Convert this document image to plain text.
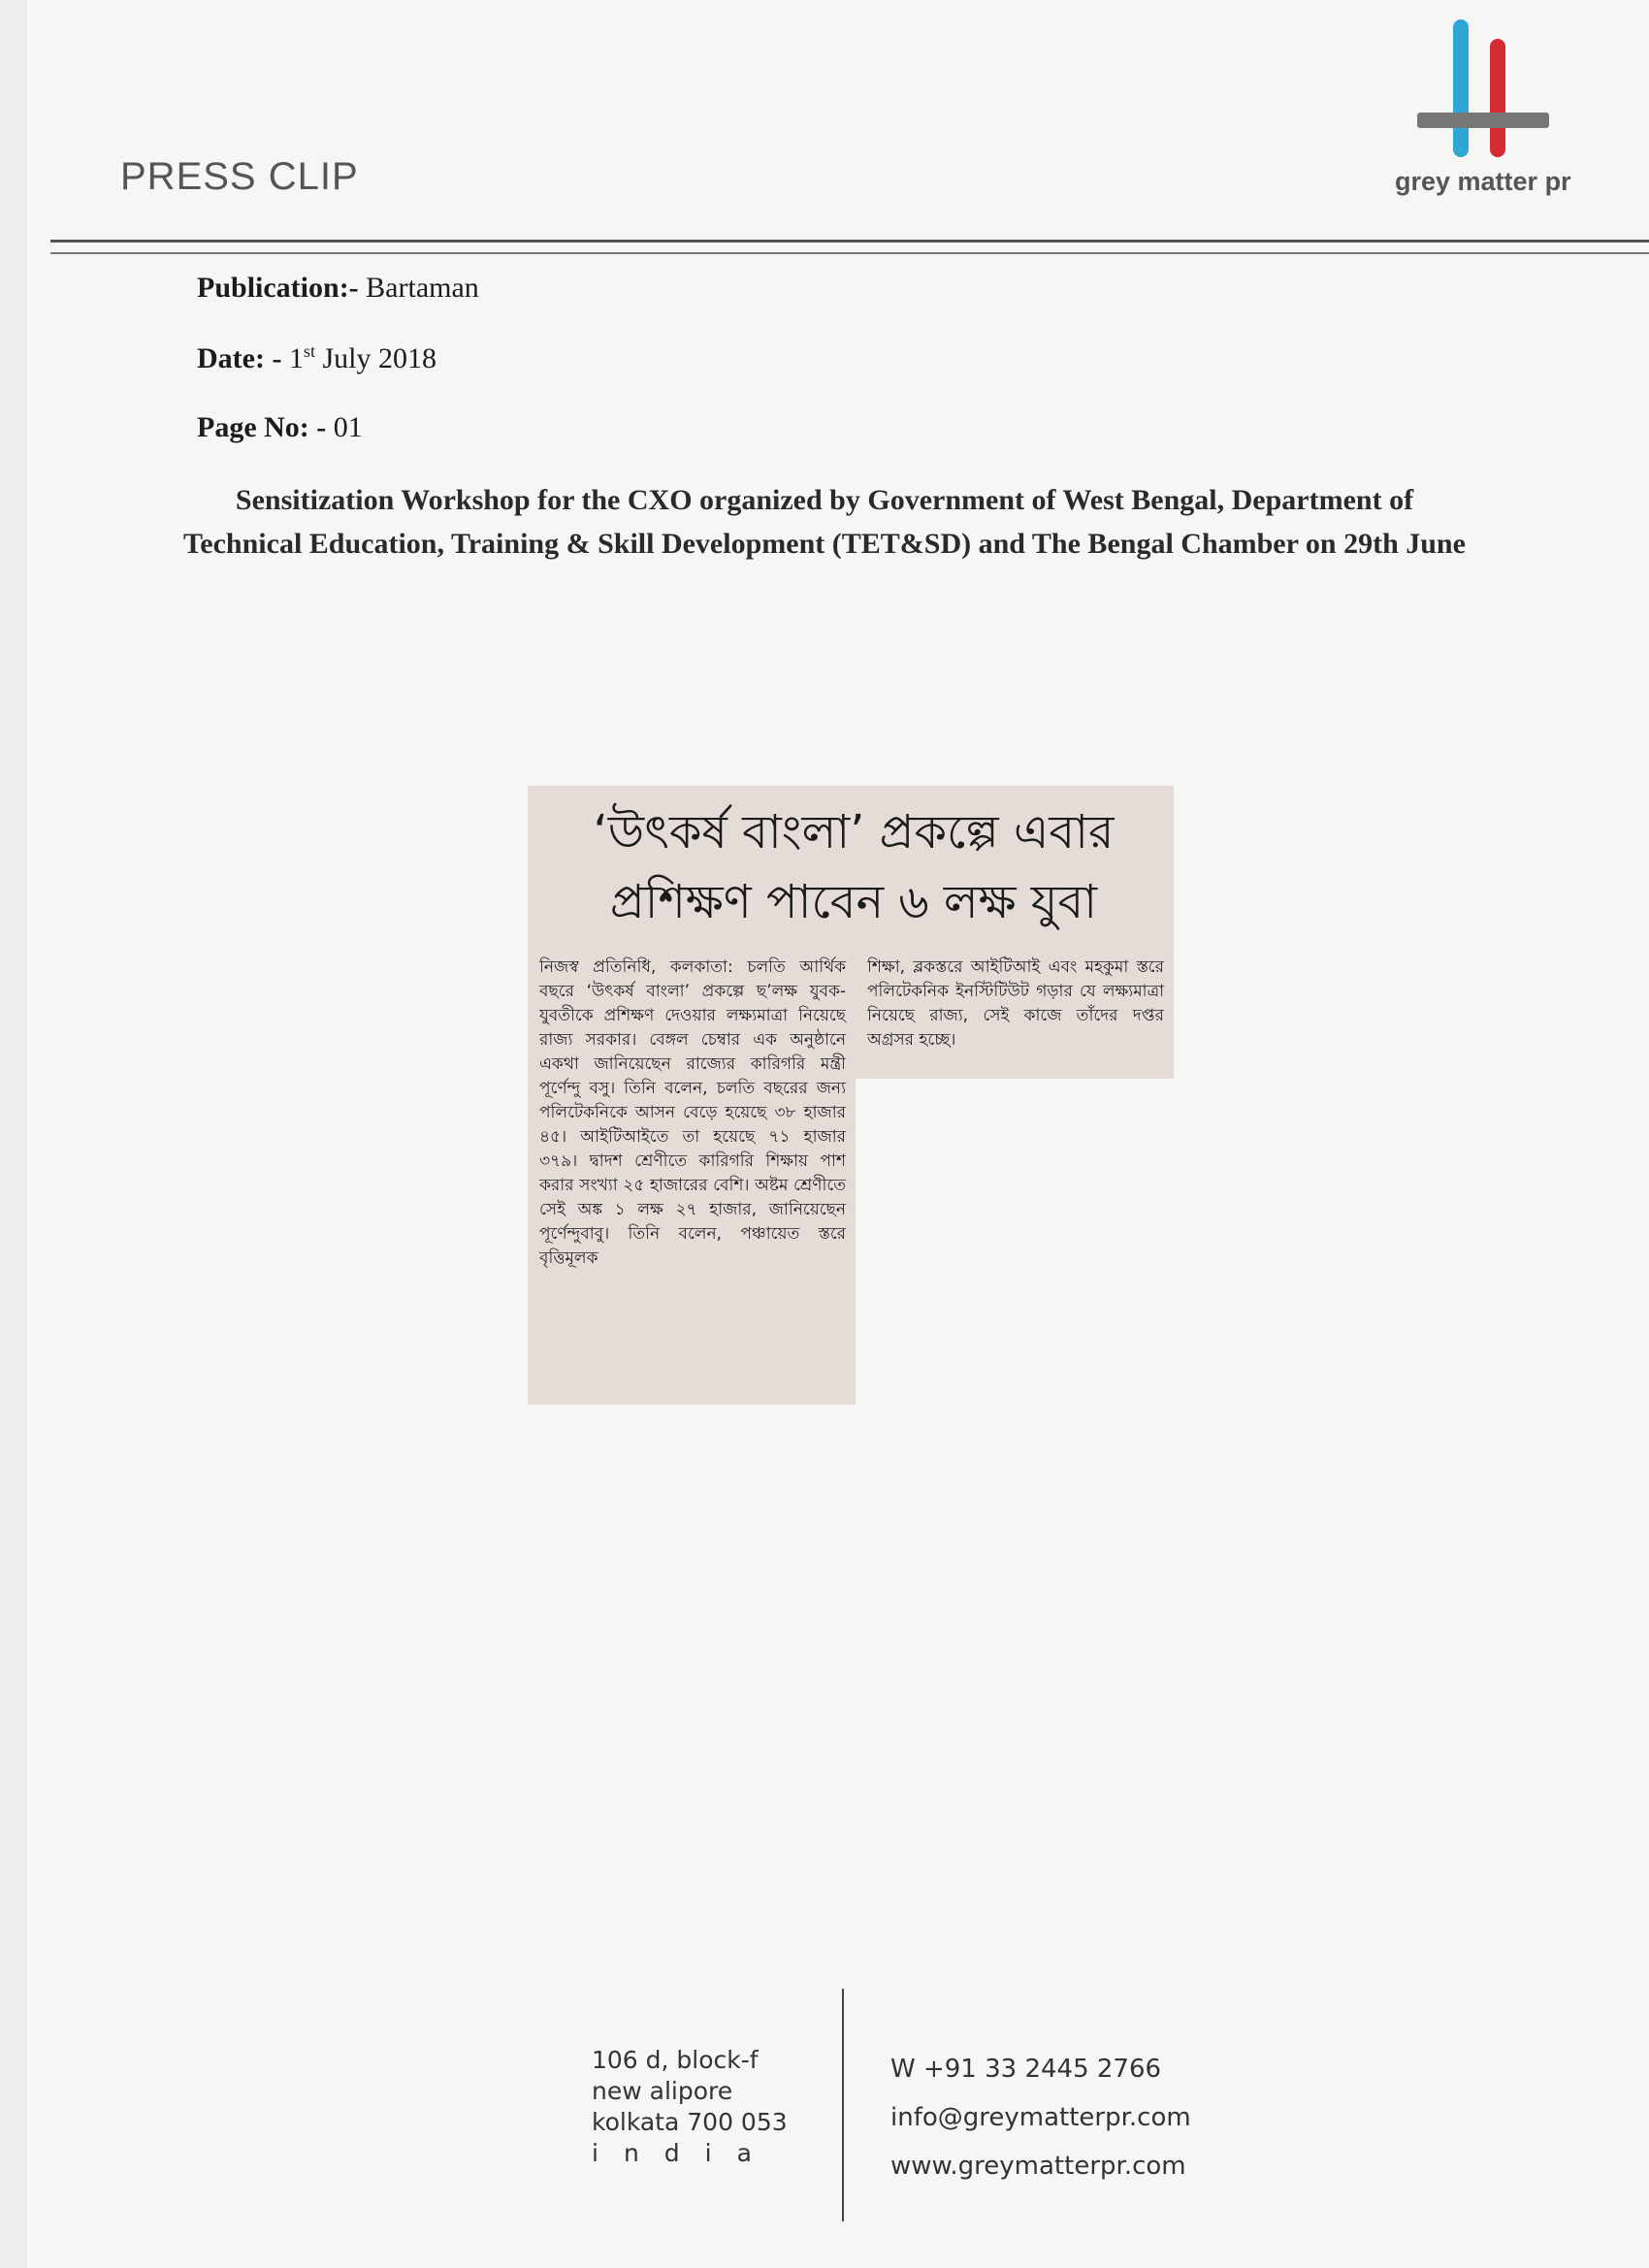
PRESS CLIP	grey matter pr
Publication:- Bartaman
Date: - 1st July 2018
Page No: - 01
Sensitization Workshop for the CXO organized by Government of West Bengal, Department of Technical Education, Training & Skill Development (TET&SD) and The Bengal Chamber on 29th June
‘উৎকর্ষ বাংলা’ প্রকল্পে এবার
প্রশিক্ষণ পাবেন ৬ লক্ষ যুবা
নিজস্ব প্রতিনিধি, কলকাতা: চলতি আর্থিক বছরে ‘উৎকর্ষ বাংলা’ প্রকল্পে ছ’লক্ষ যুবক-যুবতীকে প্রশিক্ষণ দেওয়ার লক্ষ্যমাত্রা নিয়েছে রাজ্য সরকার। বেঙ্গল চেম্বার এক অনুষ্ঠানে একথা জানিয়েছেন রাজ্যের কারিগরি মন্ত্রী পূর্ণেন্দু বসু। তিনি বলেন, চলতি বছরের জন্য পলিটেকনিকে আসন বেড়ে হয়েছে ৩৮ হাজার ৪৫। আইটিআইতে তা হয়েছে ৭১ হাজার ৩৭৯। দ্বাদশ শ্রেণীতে কারিগরি শিক্ষায় পাশ করার সংখ্যা ২৫ হাজারের বেশি। অষ্টম শ্রেণীতে সেই অঙ্ক ১ লক্ষ ২৭ হাজার, জানিয়েছেন পূর্ণেন্দুবাবু। তিনি বলেন, পঞ্চায়েত স্তরে বৃত্তিমূলক
শিক্ষা, ব্লকস্তরে আইটিআই এবং মহকুমা স্তরে পলিটেকনিক ইনস্টিটিউট গড়ার যে লক্ষ্যমাত্রা নিয়েছে রাজ্য, সেই কাজে তাঁদের দপ্তর অগ্রসর হচ্ছে।
106 d, block-f
new alipore
kolkata 700 053
india
W +91 33 2445 2766
info@greymatterpr.com
www.greymatterpr.com
